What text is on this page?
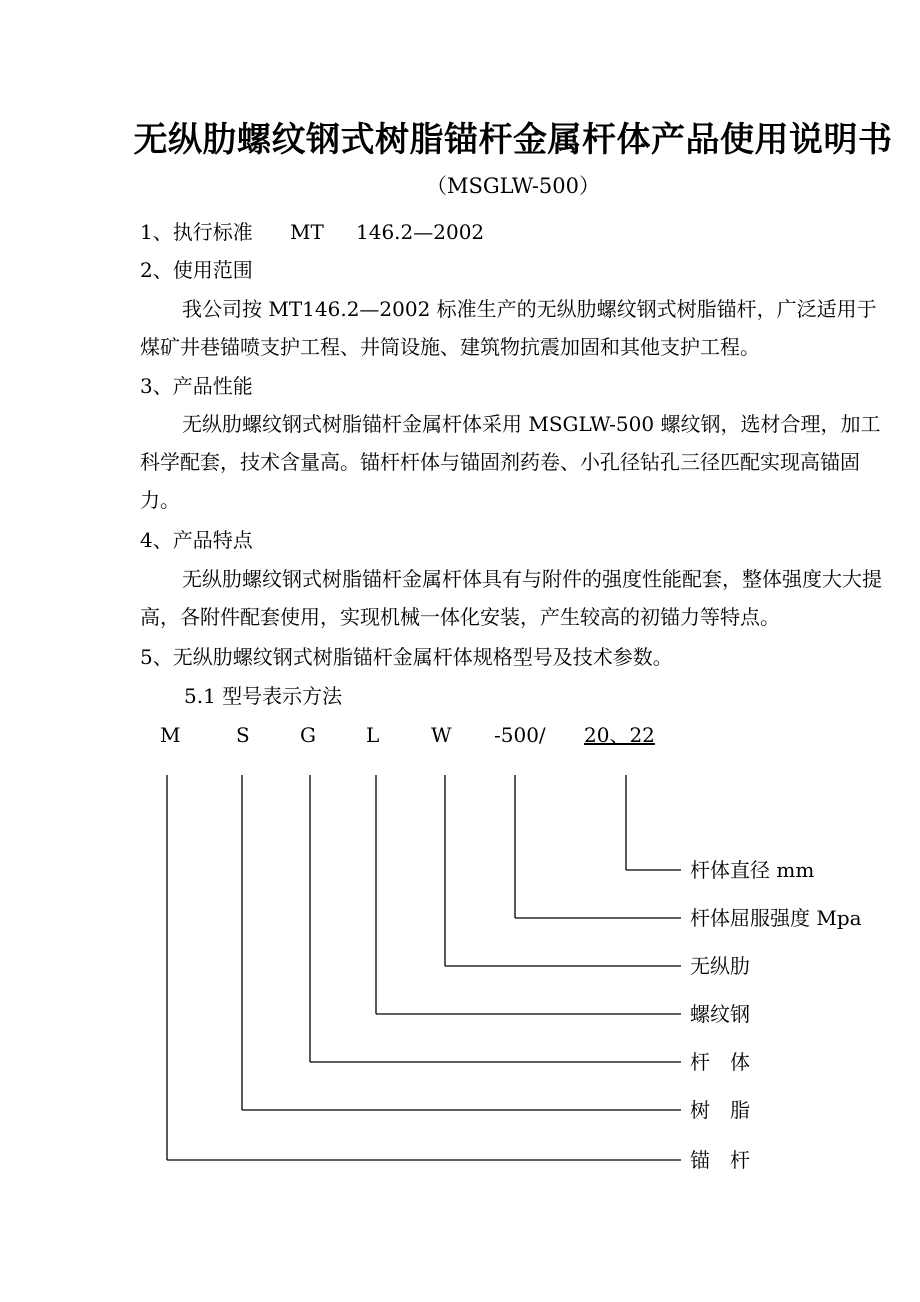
无纵肋螺纹钢式树脂锚杆金属杆体产品使用说明书
（MSGLW-500）
1、执行标准 MT 146.2—2002
2、使用范围
我公司按 MT146.2—2002 标准生产的无纵肋螺纹钢式树脂锚杆，广泛适用于煤矿井巷锚喷支护工程、井筒设施、建筑物抗震加固和其他支护工程。
3、产品性能
无纵肋螺纹钢式树脂锚杆金属杆体采用 MSGLW-500 螺纹钢，选材合理，加工科学配套，技术含量高。锚杆杆体与锚固剂药卷、小孔径钻孔三径匹配实现高锚固力。
4、产品特点
无纵肋螺纹钢式树脂锚杆金属杆体具有与附件的强度性能配套，整体强度大大提高，各附件配套使用，实现机械一体化安装，产生较高的初锚力等特点。
5、无纵肋螺纹钢式树脂锚杆金属杆体规格型号及技术参数。
5.1 型号表示方法
M	S	G	L	W -500/ 20、22
杆体直径 mm
杆体屈服强度 Mpa
无纵肋
螺纹钢
杆　体
树　脂
锚　杆
